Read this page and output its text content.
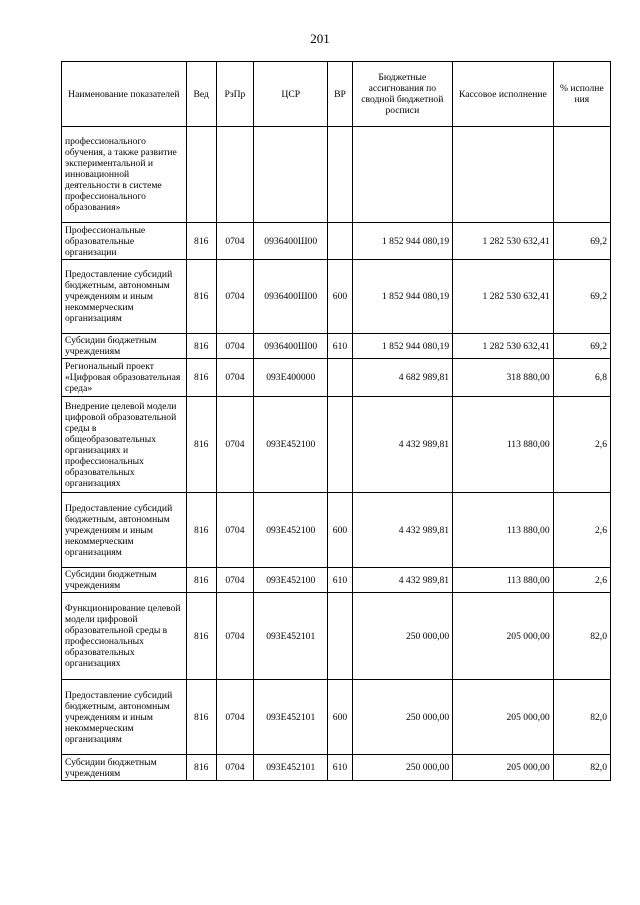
201
Наименование показателей	Вед	РзПр	ЦСР	ВР	Бюджетные ассигнования по сводной бюджетной росписи	Кассовое исполнение	% исполне ния
профессионального обучения, а также развитие экспериментальной и инновационной деятельности в системе профессионального образования»							
Профессиональные образовательные организации	816	0704	0936400Ш00		1 852 944 080,19	1 282 530 632,41	69,2
Предоставление субсидий бюджетным, автономным учреждениям и иным некоммерческим организациям	816	0704	0936400Ш00	600	1 852 944 080,19	1 282 530 632,41	69,2
Субсидии бюджетным учреждениям	816	0704	0936400Ш00	610	1 852 944 080,19	1 282 530 632,41	69,2
Региональный проект «Цифровая образовательная среда»	816	0704	093E400000		4 682 989,81	318 880,00	6,8
Внедрение целевой модели цифровой образовательной среды в общеобразовательных организациях и профессиональных образовательных организациях	816	0704	093E452100		4 432 989,81	113 880,00	2,6
Предоставление субсидий бюджетным, автономным учреждениям и иным некоммерческим организациям	816	0704	093E452100	600	4 432 989,81	113 880,00	2,6
Субсидии бюджетным учреждениям	816	0704	093E452100	610	4 432 989,81	113 880,00	2,6
Функционирование целевой модели цифровой образовательной среды в профессиональных образовательных организациях	816	0704	093E452101		250 000,00	205 000,00	82,0
Предоставление субсидий бюджетным, автономным учреждениям и иным некоммерческим организациям	816	0704	093E452101	600	250 000,00	205 000,00	82,0
Субсидии бюджетным учреждениям	816	0704	093E452101	610	250 000,00	205 000,00	82,0
